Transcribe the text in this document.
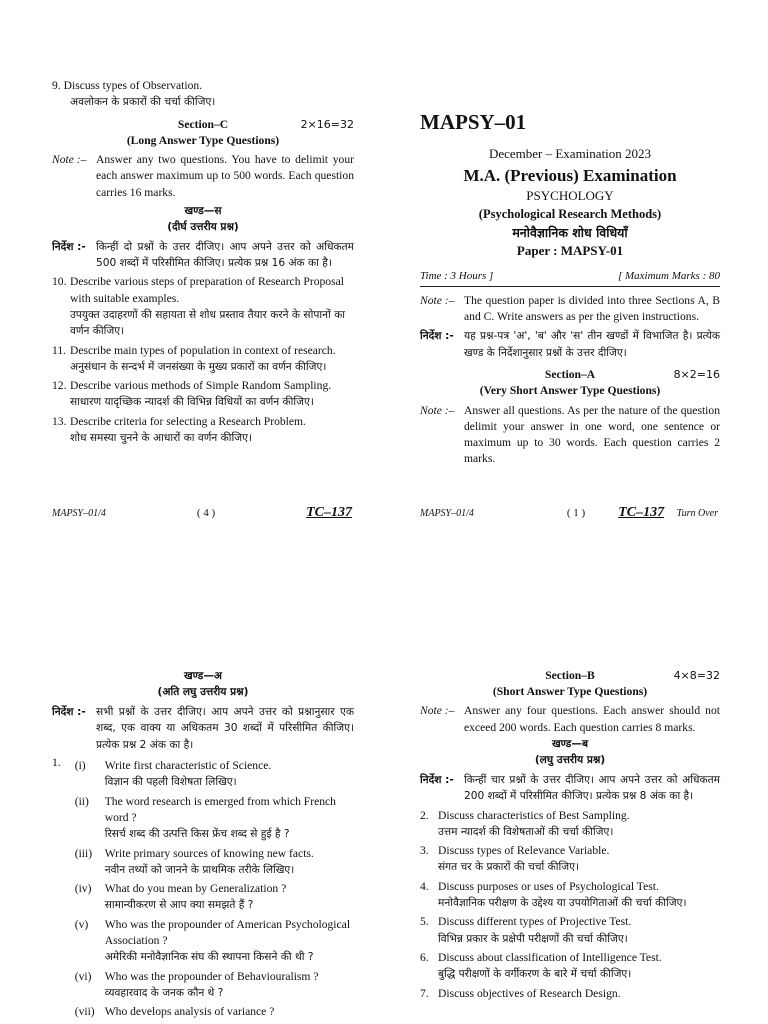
9. Discuss types of Observation.

अवलोकन के प्रकारों की चर्चा कीजिए।

Section–C	2×16=32

(Long Answer Type Questions)

Note :– Answer any two questions. You have to delimit your each answer maximum up to 500 words. Each question carries 16 marks.

खण्ड—स

(दीर्घ उत्तरीय प्रश्न)

निर्देश :- किन्हीं दो प्रश्नों के उत्तर दीजिए। आप अपने उत्तर को अधिकतम 500 शब्दों में परिसीमित कीजिए। प्रत्येक प्रश्न 16 अंक का है।
10. Describe various steps of preparation of Research Proposal with suitable examples.

उपयुक्त उदाहरणों की सहायता से शोध प्रस्ताव तैयार करने के सोपानों का वर्णन कीजिए।

11. Describe main types of population in context of research.

अनुसंधान के सन्दर्भ में जनसंख्या के मुख्य प्रकारों का वर्णन कीजिए।

12. Describe various methods of Simple Random Sampling.

साधारण यादृच्छिक न्यादर्श की विभिन्न विधियों का वर्णन कीजिए।

13. Describe criteria for selecting a Research Problem.

शोध समस्या चुनने के आधारों का वर्णन कीजिए।

MAPSY–01/4	( 4 )	TC–137

MAPSY–01

December – Examination 2023

M.A. (Previous) Examination

PSYCHOLOGY

(Psychological Research Methods)

मनोवैज्ञानिक शोध विधियाँ

Paper : MAPSY-01

Time : 3 Hours ]	[ Maximum Marks : 80
Note :– The question paper is divided into three Sections A, B and C. Write answers as per the given instructions.
निर्देश :- यह प्रश्न-पत्र 'अ', 'ब' और 'स' तीन खण्डों में विभाजित है। प्रत्येक खण्ड के निर्देशानुसार प्रश्नों के उत्तर दीजिए।
Section–A	8×2=16

(Very Short Answer Type Questions)

Note :– Answer all questions. As per the nature of the question delimit your answer in one word, one sentence or maximum up to 30 words. Each question carries 2 marks.
MAPSY–01/4	( 1 ) TC–137 Turn Over

खण्ड—अ

(अति लघु उत्तरीय प्रश्न)

निर्देश :- सभी प्रश्नों के उत्तर दीजिए। आप अपने उत्तर को प्रश्नानुसार एक शब्द, एक वाक्य या अधिकतम 30 शब्दों में परिसीमित कीजिए। प्रत्येक प्रश्न 2 अंक का है।
1.	(i)	Write first characteristic of Science.

विज्ञान की पहली विशेषता लिखिए।

(ii)	The word research is emerged from which French word ?

रिसर्च शब्द की उत्पत्ति किस फ्रेंच शब्द से हुई है ?

(iii)	Write primary sources of knowing new facts.

नवीन तथ्यों को जानने के प्राथमिक तरीके लिखिए।

(iv)	What do you mean by Generalization ?

सामान्यीकरण से आप क्या समझते हैं ?

(v)	Who was the propounder of American Psychological Association ?

अमेरिकी मनोवैज्ञानिक संघ की स्थापना किसने की थी ?

(vi)	Who was the propounder of Behaviouralism ?

व्यवहारवाद के जनक कौन थे ?

(vii) Who develops analysis of variance ?

Section–B	4×8=32

(Short Answer Type Questions)

Note :– Answer any four questions. Each answer should not exceed 200 words. Each question carries 8 marks.

खण्ड—ब

(लघु उत्तरीय प्रश्न)

निर्देश :- किन्हीं चार प्रश्नों के उत्तर दीजिए। आप अपने उत्तर को अधिकतम 200 शब्दों में परिसीमित कीजिए। प्रत्येक प्रश्न 8 अंक का है।
2. Discuss characteristics of Best Sampling.

उत्तम न्यादर्श की विशेषताओं की चर्चा कीजिए।

3. Discuss types of Relevance Variable.

संगत चर के प्रकारों की चर्चा कीजिए।

4. Discuss purposes or uses of Psychological Test.

मनोवैज्ञानिक परीक्षण के उद्देश्य या उपयोगिताओं की चर्चा कीजिए।

5. Discuss different types of Projective Test.

विभिन्न प्रकार के प्रक्षेपी परीक्षणों की चर्चा कीजिए।

6. Discuss about classification of Intelligence Test.

बुद्धि परीक्षणों के वर्गीकरण के बारे में चर्चा कीजिए।

7. Discuss objectives of Research Design.
